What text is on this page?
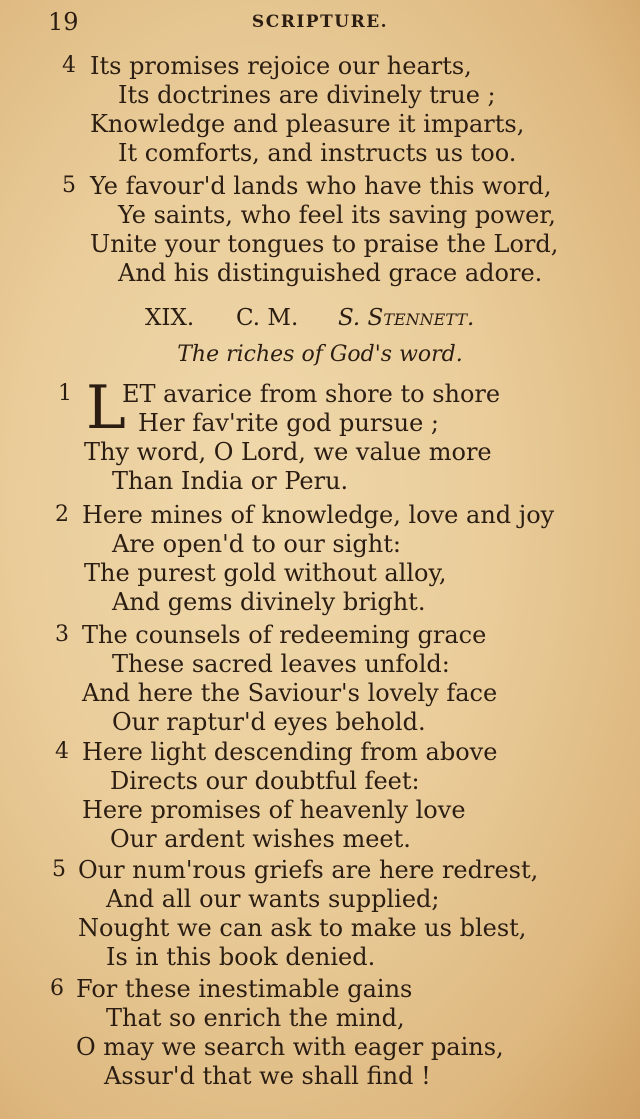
19	SCRIPTURE.
4 Its promises rejoice our hearts,
Its doctrines are divinely true ;
Knowledge and pleasure it imparts,
It comforts, and instructs us too.
5 Ye favour'd lands who have this word,
Ye saints, who feel its saving power,
Unite your tongues to praise the Lord,
And his distinguished grace adore.
XIX. C. M. S. Stennett.
The riches of God's word.
1 L
ET avarice from shore to shore
Her fav'rite god pursue ;
Thy word, O Lord, we value more
Than India or Peru.
2 Here mines of knowledge, love and joy
Are open'd to our sight:
The purest gold without alloy,
And gems divinely bright.
3 The counsels of redeeming grace
These sacred leaves unfold:
And here the Saviour's lovely face
Our raptur'd eyes behold.
4 Here light descending from above
Directs our doubtful feet:
Here promises of heavenly love
Our ardent wishes meet.
5 Our num'rous griefs are here redrest,
And all our wants supplied;
Nought we can ask to make us blest,
Is in this book denied.
6 For these inestimable gains
That so enrich the mind,
O may we search with eager pains,
Assur'd that we shall find !
